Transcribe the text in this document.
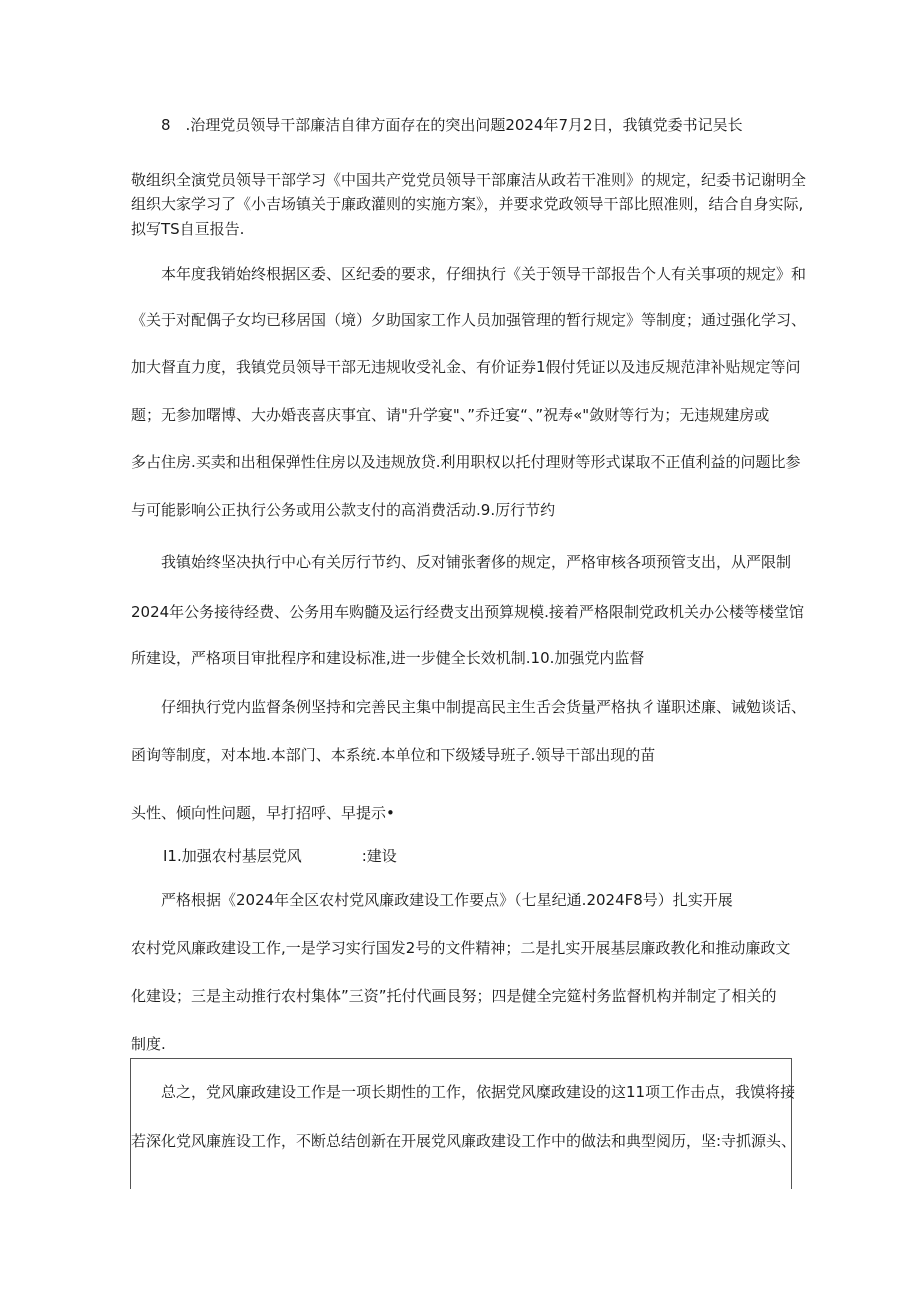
8　.治理党员领导干部廉洁自律方面存在的突出问题2024年7月2日，我镇党委书记吴长
敬组织全演党员领导干部学习《中国共产党党员领导干部廉洁从政若干准则》的规定，纪委书记谢明全
组织大家学习了《小吉场镇关于廉政灌则的实施方案》，并要求党政领导干部比照准则，结合自身实际,
拟写TS自亘报告.
本年度我销始终根据区委、区纪委的要求，仔细执行《关于领导干部报告个人有关事项的规定》和
《关于对配偶子女均已移居国（境）夕助国家工作人员加强管理的暂行规定》等制度；通过强化学习、
加大督直力度，我镇党员领导干部无违规收受礼金、有价证券1假付凭证以及违反规范津补贴规定等问
题；无参加曙博、大办婚丧喜庆事宜、请"升学宴"、”乔迁宴“、”祝寿«"敛财等行为；无违规建房或
多占住房.买卖和出租保弹性住房以及违规放贷.利用职权以托付理财等形式谋取不正值利益的问题比参
与可能影响公正执行公务或用公款支付的高消费活动.9.厉行节约
我镇始终坚决执行中心有关厉行节约、反对铺张奢侈的规定，严格审核各项预管支出，从严限制
2024年公务接待经费、公务用车购髓及运行经费支出预算规模.接着严格限制党政机关办公楼等楼堂馆
所建设，严格项目审批程序和建设标准,进一步健全长效机制.10.加强党内监督
仔细执行党内监督条例坚持和完善民主集中制提高民主生舌会货量严格执彳谨职述廉、诫勉谈话、
函询等制度，对本地.本部门、本系统.本单位和下级矮导班子.领导干部出现的苗
头性、倾向性问题，早打招呼、早提示•
I1.加强农村基层党风	:建设
严格根据《2024年全区农村党风廉政建设工作要点》（七星纪通.2024F8号）扎实开展
农村党风廉政建设工作,一是学习实行国发2号的文件精神；二是扎实开展基层廉政教化和推动廉政文
化建设；三是主动推行农村集体”三资”托付代画艮努；四是健全完筵村务监督机构并制定了相关的
制度.
总之，党风廉政建设工作是一项长期性的工作，依据党风糜政建设的这11项工作击点，我馍将接
若深化党风廉旌设工作，不断总结创新在开展党风廉政建设工作中的做法和典型阅历，坚:寺抓源头、
